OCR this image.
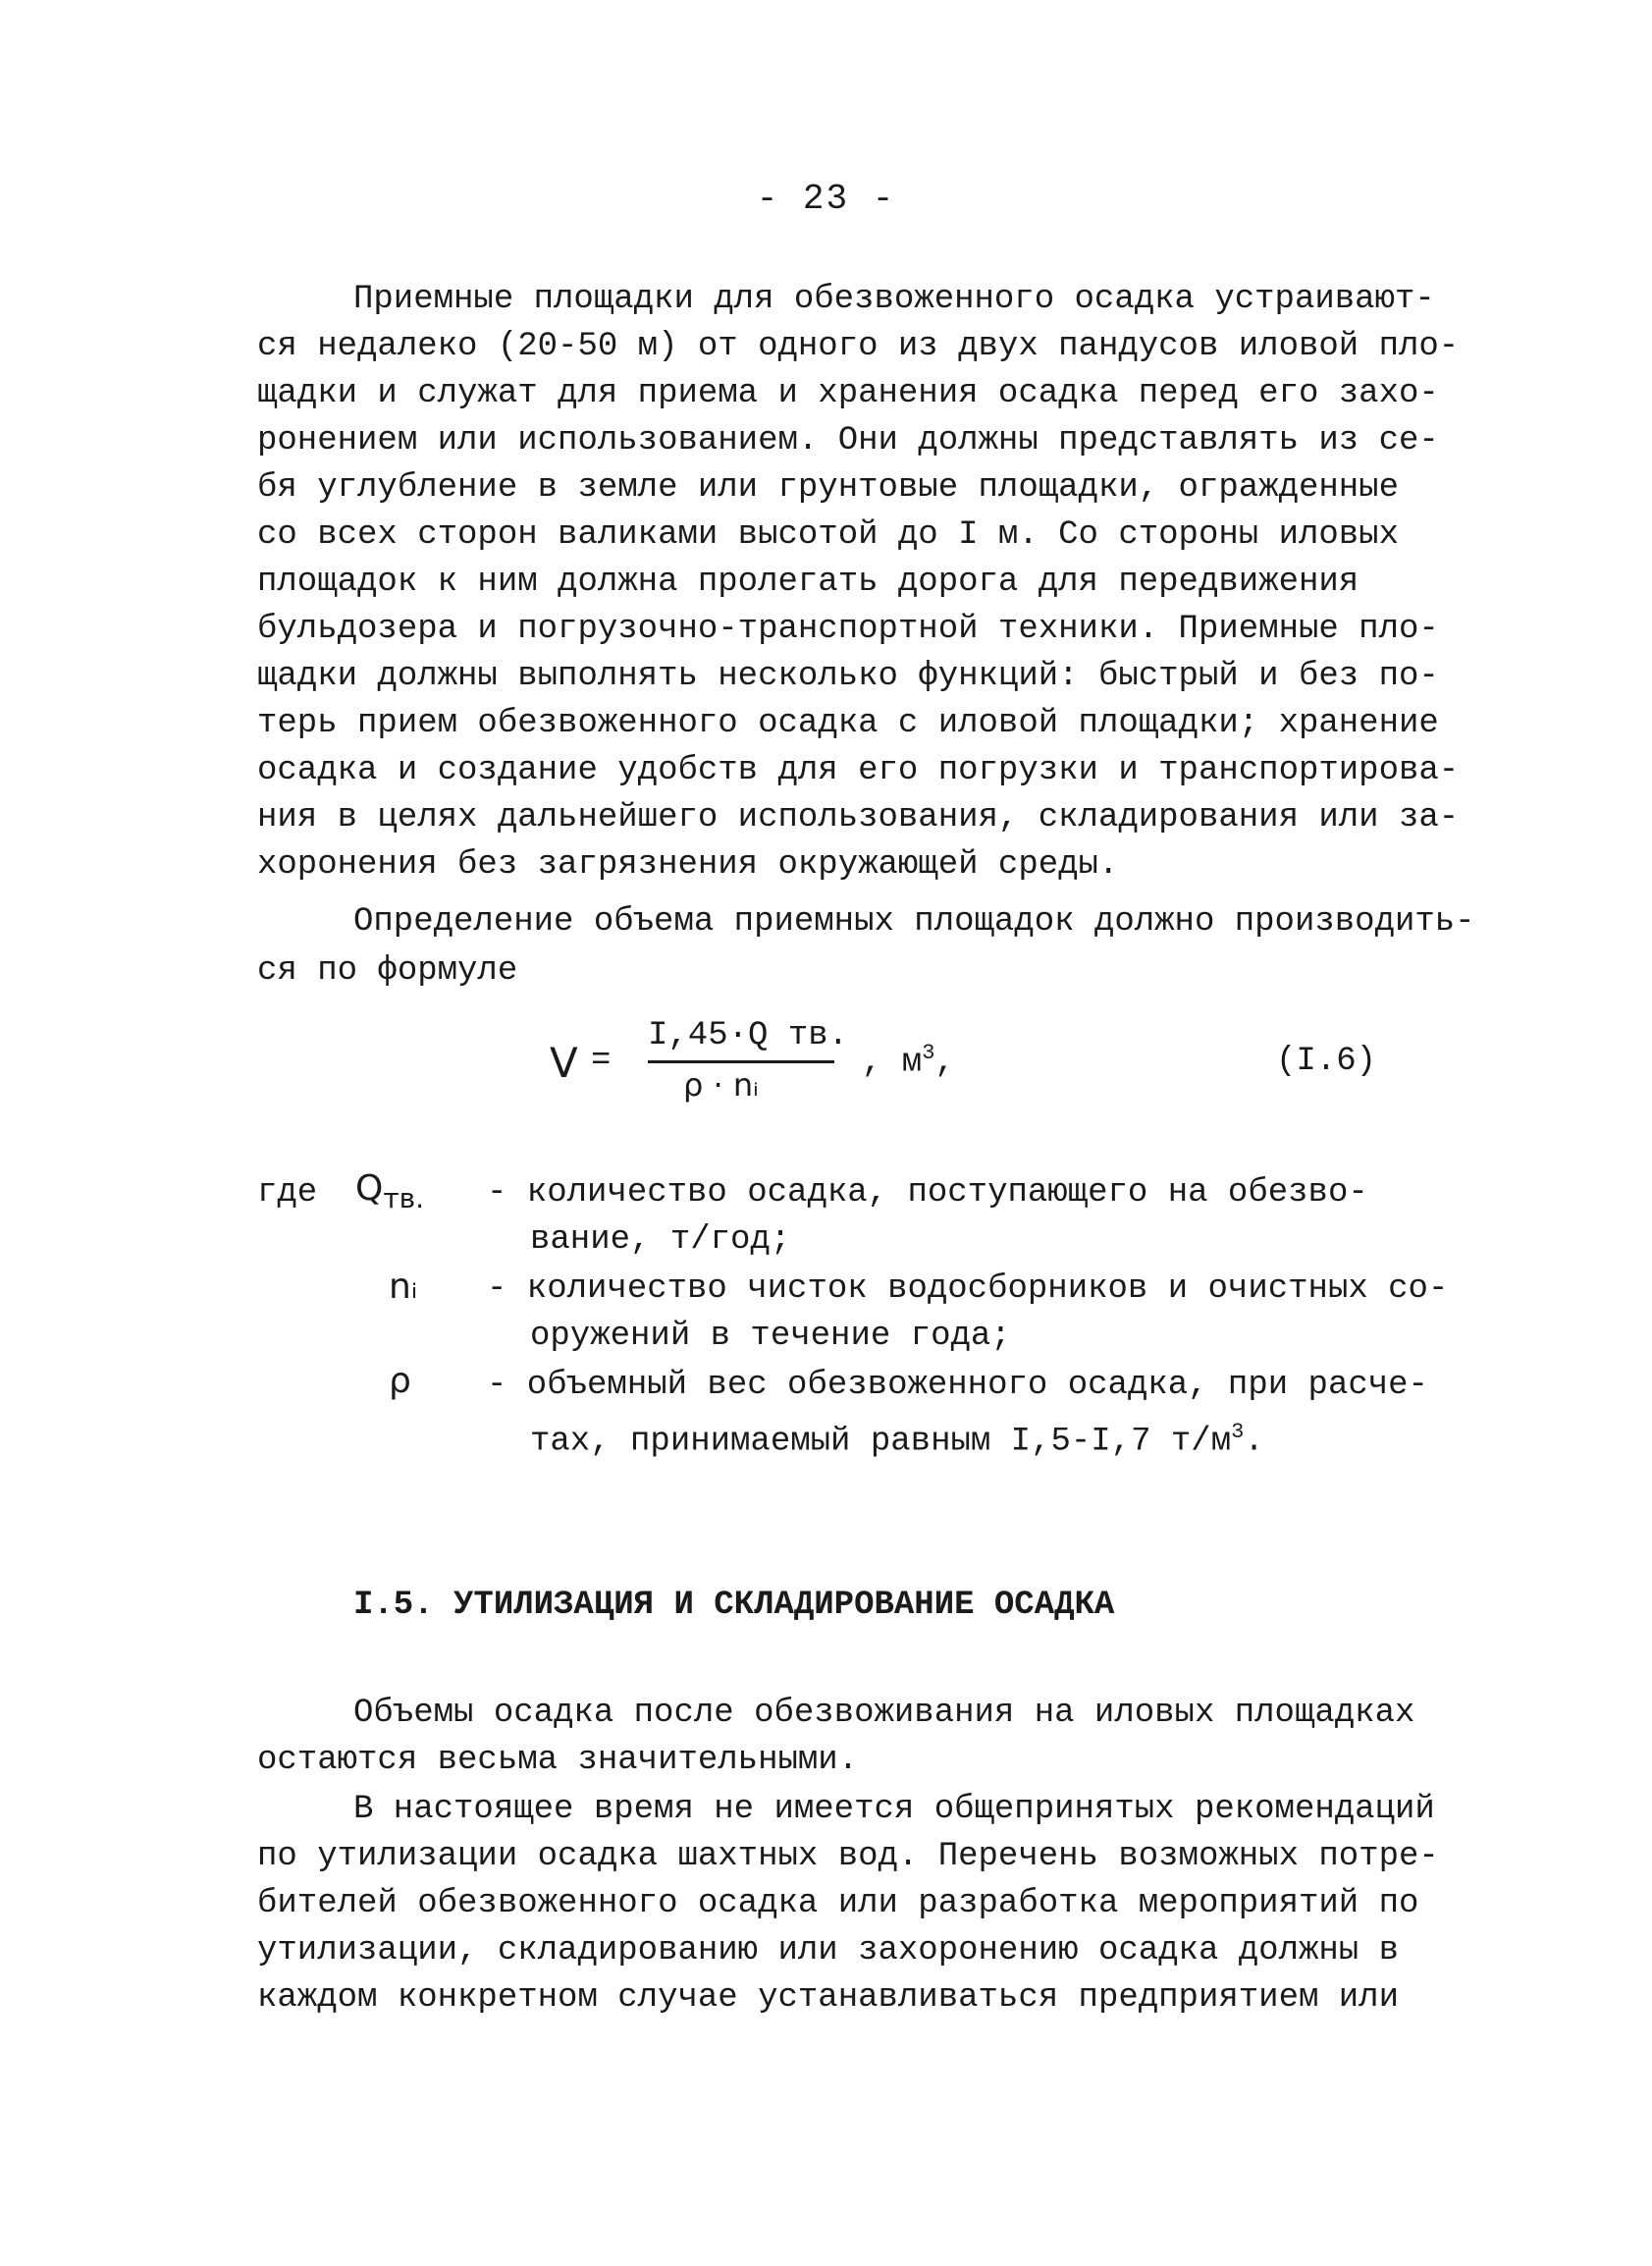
- 23 -
Приемные площадки для обезвоженного осадка устраивают-
ся недалеко (20-50 м) от одного из двух пандусов иловой пло-
щадки и служат для приема и хранения осадка перед его захо-
ронением или использованием. Они должны представлять из се-
бя углубление в земле или грунтовые площадки, огражденные
со всех сторон валиками высотой до I м. Со стороны иловых
площадок к ним должна пролегать дорога для передвижения
бульдозера и погрузочно-транспортной техники. Приемные пло-
щадки должны выполнять несколько функций: быстрый и без по-
терь прием обезвоженного осадка с иловой площадки; хранение
осадка и создание удобств для его погрузки и транспортирова-
ния в целях дальнейшего использования, складирования или за-
хоронения без загрязнения окружающей среды.
Определение объема приемных площадок должно производить-
ся по формуле
V =
I,45·Q тв.
ρ · nᵢ
, $м^3$,	(I.6)
где $Q_{тв.}$ - количество осадка, поступающего на обезво-
вание, т/год;
nᵢ - количество чисток водосборников и очистных со-
оружений в течение года;
ρ - объемный вес обезвоженного осадка, при расче-
тах, принимаемый равным I,5-I,7 $т/м^3$.
I.5. УТИЛИЗАЦИЯ И СКЛАДИРОВАНИЕ ОСАДКА
Объемы осадка после обезвоживания на иловых площадках
остаются весьма значительными.
В настоящее время не имеется общепринятых рекомендаций
по утилизации осадка шахтных вод. Перечень возможных потре-
бителей обезвоженного осадка или разработка мероприятий по
утилизации, складированию или захоронению осадка должны в
каждом конкретном случае устанавливаться предприятием или
